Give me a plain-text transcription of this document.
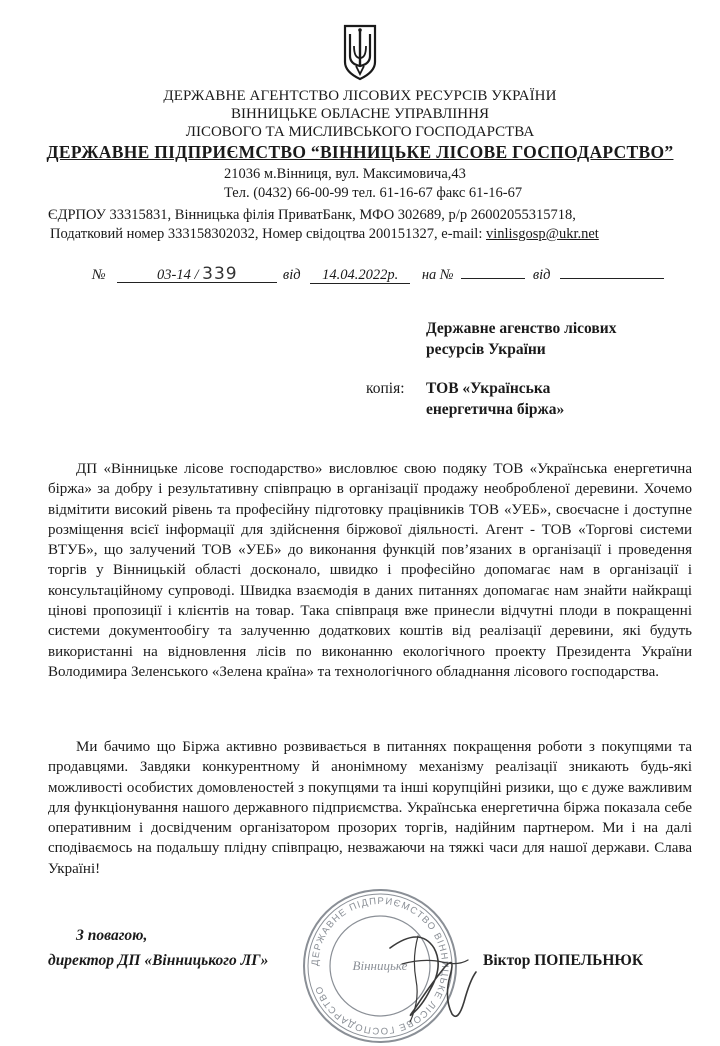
ДЕРЖАВНЕ АГЕНТСТВО ЛІСОВИХ РЕСУРСІВ УКРАЇНИ
ВІННИЦЬКЕ ОБЛАСНЕ УПРАВЛІННЯ
ЛІСОВОГО ТА МИСЛИВСЬКОГО ГОСПОДАРСТВА
ДЕРЖАВНЕ ПІДПРИЄМСТВО “ВІННИЦЬКЕ ЛІСОВЕ ГОСПОДАРСТВО”
21036 м.Вінниця, вул. Максимовича,43
Тел. (0432) 66-00-99 тел. 61-16-67 факс 61-16-67
ЄДРПОУ 33315831, Вінницька філія ПриватБанк, МФО 302689, р/р 26002055315718,
Податковий номер 333158302032, Номер свідоцтва 200151327, e-mail: vinlisgosp@ukr.net
№	03-14 / 339	від 14.04.2022р. на №	від
Державне агенство лісових
ресурсів України
копія: ТОВ «Українська
енергетична біржа»

ДП «Вінницьке лісове господарство» висловлює свою подяку ТОВ «Українська енергетична біржа» за добру і результативну співпрацю в організації продажу необробленої деревини. Хочемо відмітити високий рівень та професійну підготовку працівників ТОВ «УЕБ», своєчасне і доступне розміщення всієї інформації для здійснення біржової діяльності. Агент - ТОВ «Торгові системи ВТУБ», що залучений ТОВ «УЕБ» до виконання функцій пов’язаних в організації і проведення торгів у Вінницькій області досконало, швидко і професійно допомагає нам в організації і консультаційному супроводі. Швидка взаємодія в даних питаннях допомагає нам знайти найкращі цінові пропозиції і клієнтів на товар. Така співпраця вже принесли відчутні плоди в покращенні системи документообігу та залученню додаткових коштів від реалізації деревини, які будуть використанні на відновлення лісів по виконанню екологічного проекту Президента України Володимира Зеленського «Зелена країна» та технологічного обладнання лісового господарства.

Ми бачимо що Біржа активно розвивається в питаннях покращення роботи з покупцями та продавцями. Завдяки конкурентному й анонімному механізму реалізації зникають будь-які можливості особистих домовленостей з покупцями та інші корупційні ризики, що є дуже важливим для функціонування нашого державного підприємства. Українська енергетична біржа показала себе оперативним і досвідченим організатором прозорих торгів, надійним партнером. Ми і на далі сподіваємось на подальшу плідну співпрацю, незважаючи на тяжкі часи для нашої держави. Слава Україні!

ДЕРЖАВНЕ ПІДПРИЄМСТВО ВІННИЦЬКЕ ЛІСОВЕ ГОСПОДАРСТВО
Вінницьке
З повагою,
директор ДП «Вінницького ЛГ»	Віктор ПОПЕЛЬНЮК
